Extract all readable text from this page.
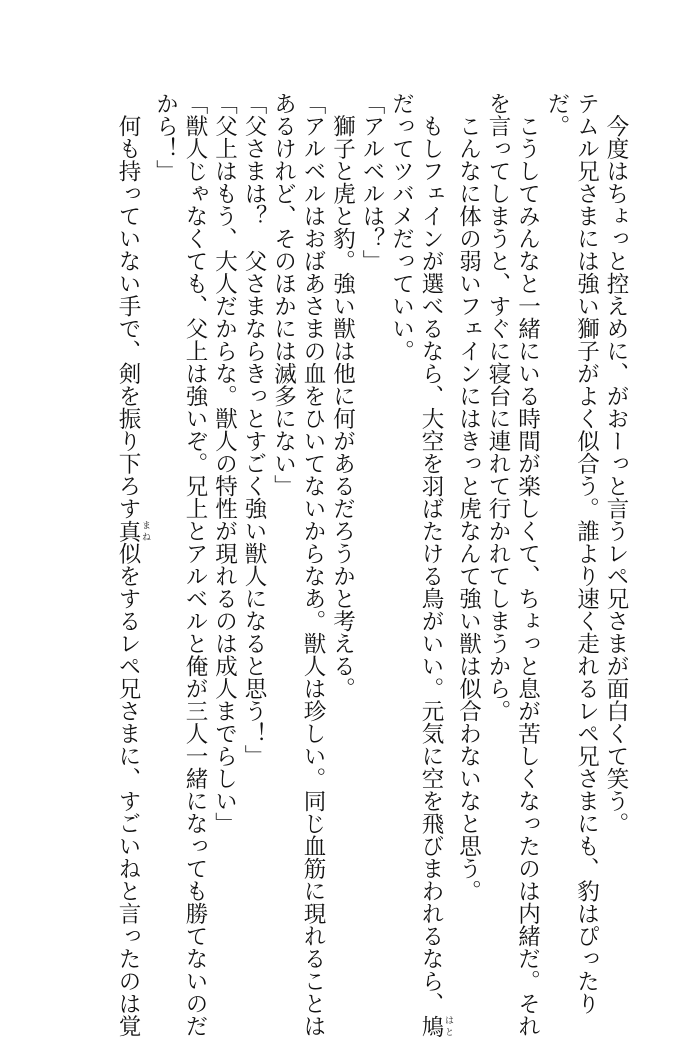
　今度はちょっと控えめに、がおーっと言うレペ兄さまが面白くて笑う。
テムル兄さまには強い獅子がよく似合う。誰より速く走れるレペ兄さまにも、豹はぴったり
だ。
　こうしてみんなと一緒にいる時間が楽しくて、ちょっと息が苦しくなったのは内緒だ。それ
を言ってしまうと、すぐに寝台に連れて行かれてしまうから。
　こんなに体の弱いフェインにはきっと虎なんて強い獣は似合わないなと思う。
　もしフェインが選べるなら、大空を羽ばたける鳥がいい。元気に空を飛びまわれるなら、鳩 はと
だってツバメだっていい。
「アルベルは？」
　獅子と虎と豹。強い獣は他に何があるだろうかと考える。
「アルベルはおばあさまの血をひいてないからなあ。獣人は珍しい。同じ血筋に現れることは
あるけれど、そのほかには滅多にない」
「父さまは？　父さまならきっとすごく強い獣人になると思う！」
「父上はもう、大人だからな。獣人の特性が現れるのは成人までらしい」
「獣人じゃなくても、父上は強いぞ。兄上とアルベルと俺が三人一緒になっても勝てないのだ
から！」
　何も持っていない手で、剣を振り下ろす真 まね似をするレペ兄さまに、すごいねと言ったのは覚
